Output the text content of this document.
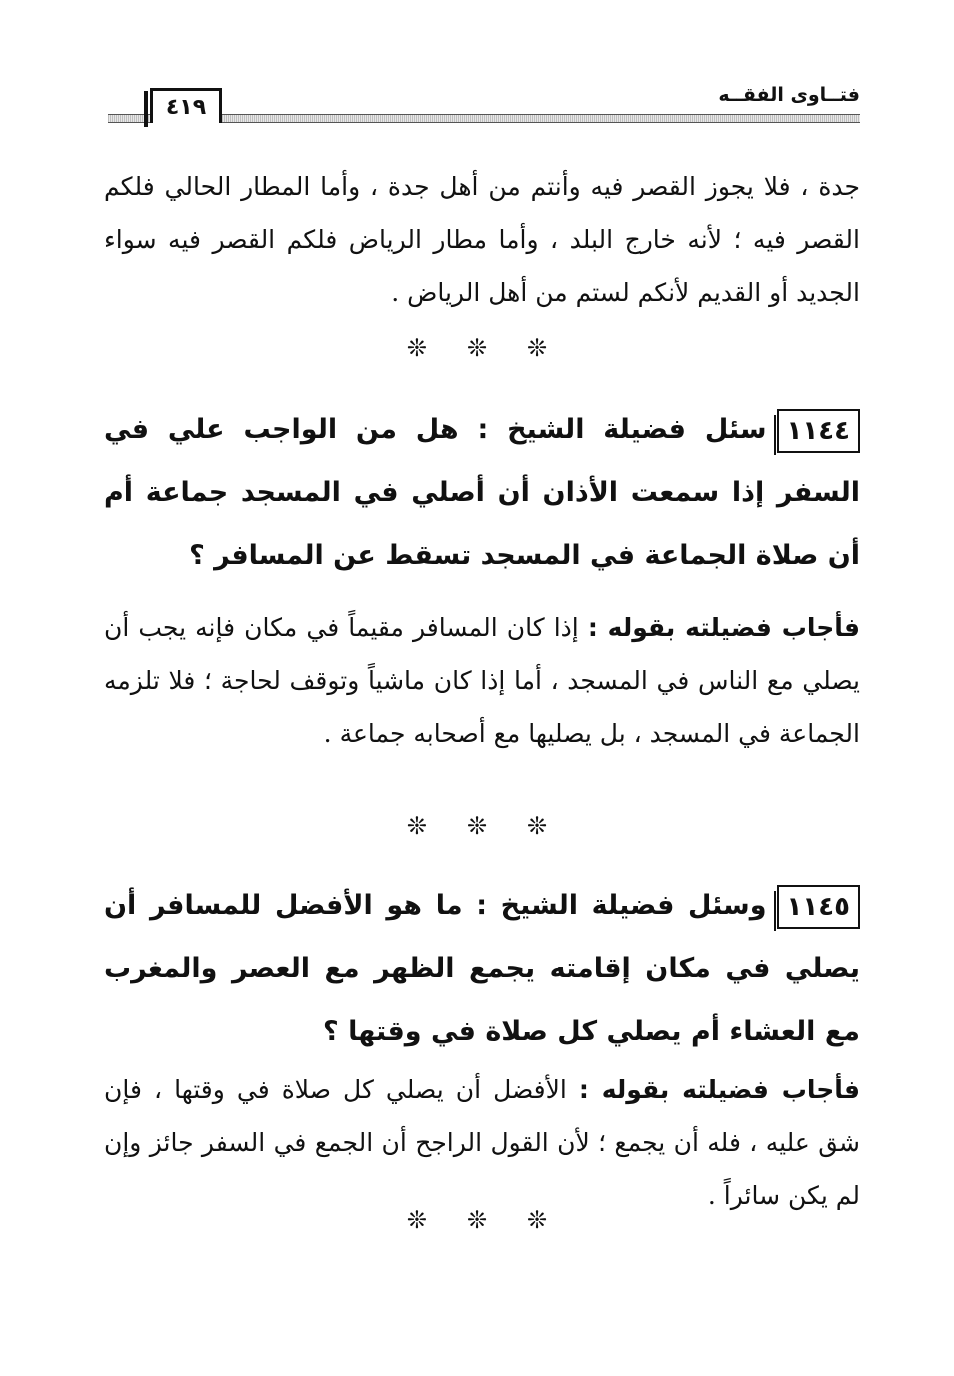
٤١٩	فتــاوى الفقــه

جدة ، فلا يجوز القصر فيه وأنتم من أهل جدة ، وأما المطار الحالي فلكم القصر فيه ؛ لأنه خارج البلد ، وأما مطار الرياض فلكم القصر فيه سواء الجديد أو القديم لأنكم لستم من أهل الرياض .

❊ ❊ ❊

١١٤٤سئل فضيلة الشيخ : هل من الواجب علي في السفر إذا سمعت الأذان أن أصلي في المسجد جماعة أم أن صلاة الجماعة في المسجد تسقط عن المسافر ؟

فأجاب فضيلته بقوله : إذا كان المسافر مقيماً في مكان فإنه يجب أن يصلي مع الناس في المسجد ، أما إذا كان ماشياً وتوقف لحاجة ؛ فلا تلزمه الجماعة في المسجد ، بل يصليها مع أصحابه جماعة .

❊ ❊ ❊

١١٤٥وسئل فضيلة الشيخ : ما هو الأفضل للمسافر أن يصلي في مكان إقامته يجمع الظهر مع العصر والمغرب مع العشاء أم يصلي كل صلاة في وقتها ؟

فأجاب فضيلته بقوله : الأفضل أن يصلي كل صلاة في وقتها ، فإن شق عليه ، فله أن يجمع ؛ لأن القول الراجح أن الجمع في السفر جائز وإن لم يكن سائراً .

❊ ❊ ❊
